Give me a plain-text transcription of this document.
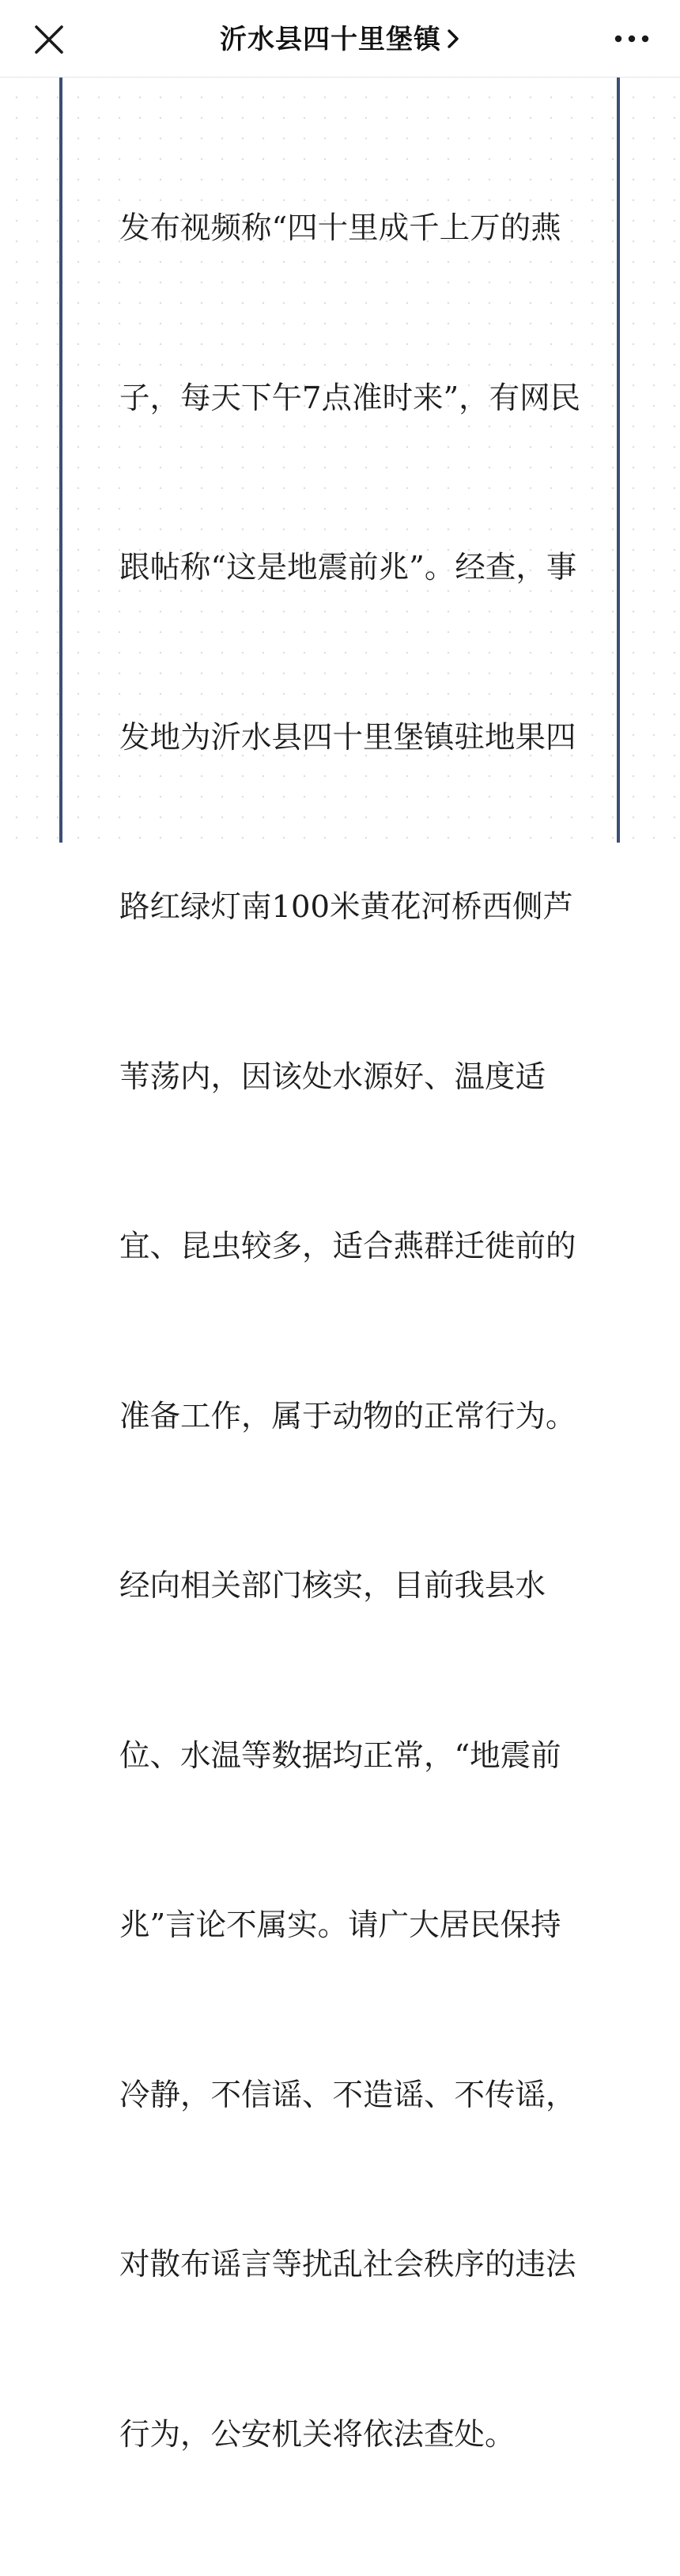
沂水县四十里堡镇

发布视频称“四十里成千上万的燕

子，每天下午7点准时来”，有网民

跟帖称“这是地震前兆”。经查，事

发地为沂水县四十里堡镇驻地果四

路红绿灯南100米黄花河桥西侧芦

苇荡内，因该处水源好、温度适

宜、昆虫较多，适合燕群迁徙前的

准备工作，属于动物的正常行为。

经向相关部门核实，目前我县水

位、水温等数据均正常，“地震前

兆”言论不属实。请广大居民保持

冷静，不信谣、不造谣、不传谣，

对散布谣言等扰乱社会秩序的违法

行为，公安机关将依法查处。
